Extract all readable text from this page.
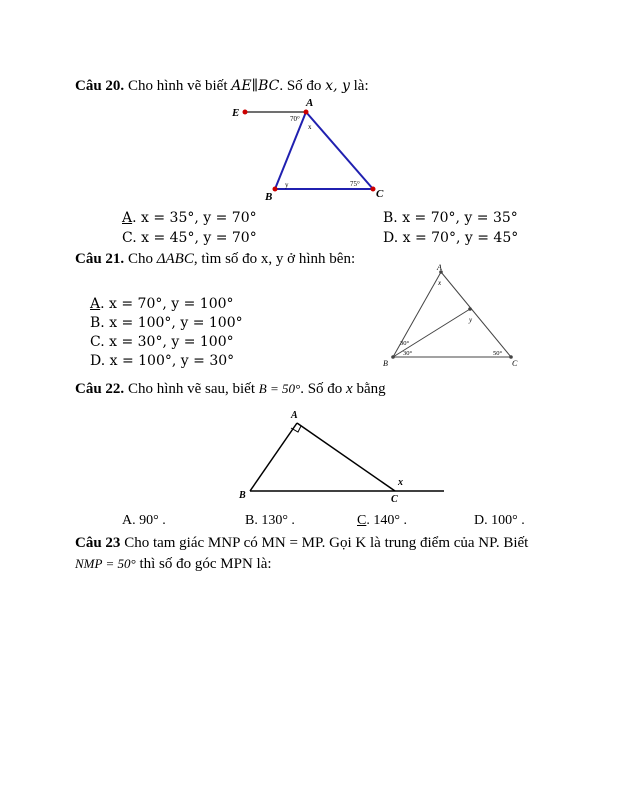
Câu 20. Cho hình vẽ biết AE∥BC. Số đo x, y là:
E
A
B	C
70°
x
y	75°
A
B	C
x
y
30°
30°	50°
A
B	C
x
A. x = 35°, y = 70°	B. x = 70°, y = 35°
C. x = 45°, y = 70°	D. x = 70°, y = 45°
Câu 21. Cho ΔABC, tìm số đo x, y ở hình bên:
A. x = 70°, y = 100°
B. x = 100°, y = 100°
C. x = 30°, y = 100°
D. x = 100°, y = 30°
Câu 22. Cho hình vẽ sau, biết B = 50°. Số đo x bằng
A. 90° .	B. 130° .	C. 140° .	D. 100° .
Câu 23 Cho tam giác MNP có MN = MP. Gọi K là trung điểm của NP. Biết
NMP = 50° thì số đo góc MPN là:
